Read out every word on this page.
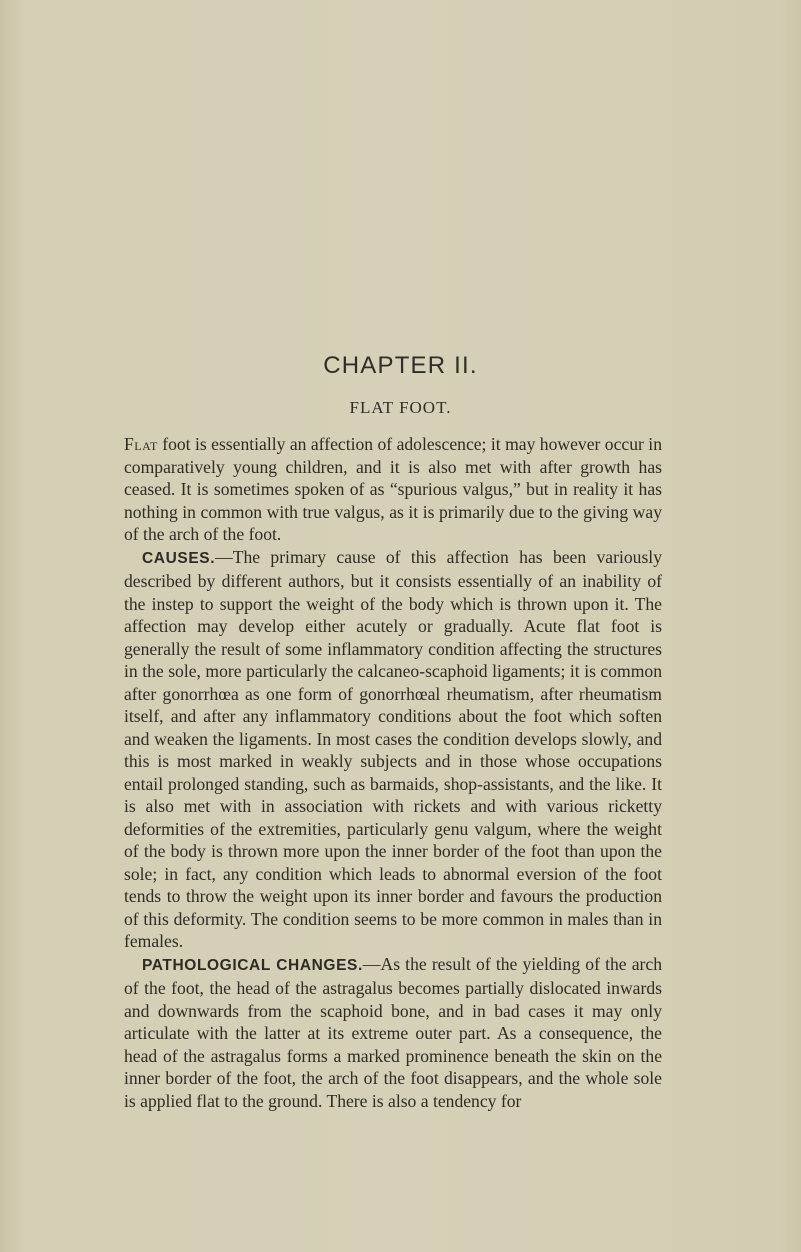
CHAPTER II.
FLAT FOOT.

Flat foot is essentially an affection of adolescence; it may however occur in comparatively young children, and it is also met with after growth has ceased. It is sometimes spoken of as “spurious valgus,” but in reality it has nothing in common with true valgus, as it is primarily due to the giving way of the arch of the foot.

CAUSES.—The primary cause of this affection has been variously described by different authors, but it consists essentially of an inability of the instep to support the weight of the body which is thrown upon it. The affection may develop either acutely or gradually. Acute flat foot is generally the result of some inflammatory condition affecting the structures in the sole, more particularly the calcaneo-scaphoid ligaments; it is common after gonorrhœa as one form of gonorrhœal rheumatism, after rheumatism itself, and after any inflammatory conditions about the foot which soften and weaken the ligaments. In most cases the condition develops slowly, and this is most marked in weakly subjects and in those whose occupations entail prolonged standing, such as barmaids, shop-assistants, and the like. It is also met with in association with rickets and with various ricketty deformities of the extremities, particularly genu valgum, where the weight of the body is thrown more upon the inner border of the foot than upon the sole; in fact, any condition which leads to abnormal eversion of the foot tends to throw the weight upon its inner border and favours the production of this deformity. The condition seems to be more common in males than in females.

PATHOLOGICAL CHANGES.—As the result of the yielding of the arch of the foot, the head of the astragalus becomes partially dislocated inwards and downwards from the scaphoid bone, and in bad cases it may only articulate with the latter at its extreme outer part. As a consequence, the head of the astragalus forms a marked prominence beneath the skin on the inner border of the foot, the arch of the foot disappears, and the whole sole is applied flat to the ground. There is also a tendency for
